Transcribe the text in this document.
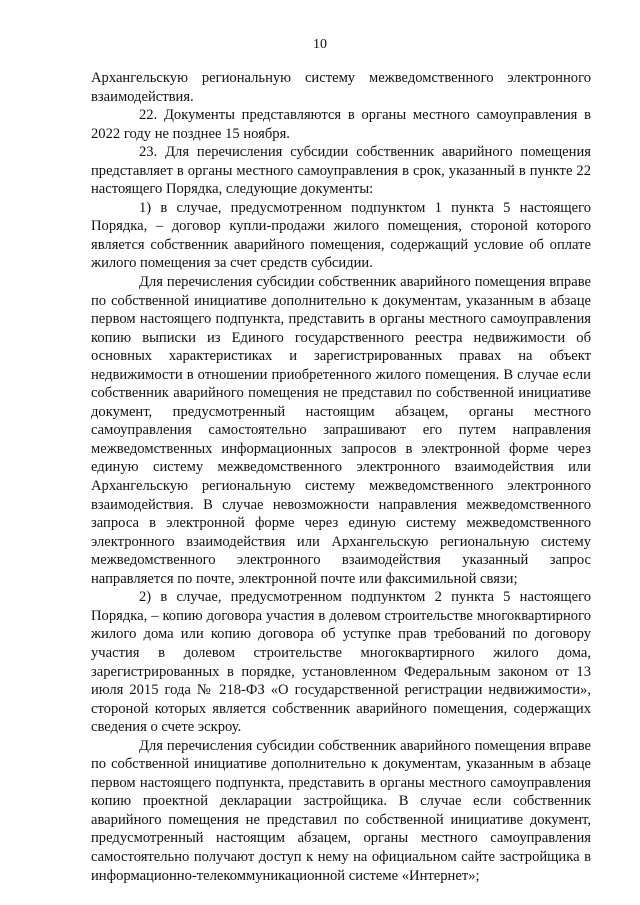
10

Архангельскую региональную систему межведомственного электронного взаимодействия.

22. Документы представляются в органы местного самоуправления в 2022 году не позднее 15 ноября.

23. Для перечисления субсидии собственник аварийного помещения представляет в органы местного самоуправления в срок, указанный в пункте 22 настоящего Порядка, следующие документы:

1) в случае, предусмотренном подпунктом 1 пункта 5 настоящего Порядка, – договор купли-продажи жилого помещения, стороной которого является собственник аварийного помещения, содержащий условие об оплате жилого помещения за счет средств субсидии.

Для перечисления субсидии собственник аварийного помещения вправе по собственной инициативе дополнительно к документам, указанным в абзаце первом настоящего подпункта, представить в органы местного самоуправления копию выписки из Единого государственного реестра недвижимости об основных характеристиках и зарегистрированных правах на объект недвижимости в отношении приобретенного жилого помещения. В случае если собственник аварийного помещения не представил по собственной инициативе документ, предусмотренный настоящим абзацем, органы местного самоуправления самостоятельно запрашивают его путем направления межведомственных информационных запросов в электронной форме через единую систему межведомственного электронного взаимодействия или Архангельскую региональную систему межведомственного электронного взаимодействия. В случае невозможности направления межведомственного запроса в электронной форме через единую систему межведомственного электронного взаимодействия или Архангельскую региональную систему межведомственного электронного взаимодействия указанный запрос направляется по почте, электронной почте или факсимильной связи;

2) в случае, предусмотренном подпунктом 2 пункта 5 настоящего Порядка, – копию договора участия в долевом строительстве многоквартирного жилого дома или копию договора об уступке прав требований по договору участия в долевом строительстве многоквартирного жилого дома, зарегистрированных в порядке, установленном Федеральным законом от 13 июля 2015 года № 218-ФЗ «О государственной регистрации недвижимости», стороной которых является собственник аварийного помещения, содержащих сведения о счете эскроу.

Для перечисления субсидии собственник аварийного помещения вправе по собственной инициативе дополнительно к документам, указанным в абзаце первом настоящего подпункта, представить в органы местного самоуправления копию проектной декларации застройщика. В случае если собственник аварийного помещения не представил по собственной инициативе документ, предусмотренный настоящим абзацем, органы местного самоуправления самостоятельно получают доступ к нему на официальном сайте застройщика в информационно-телекоммуникационной системе «Интернет»;
